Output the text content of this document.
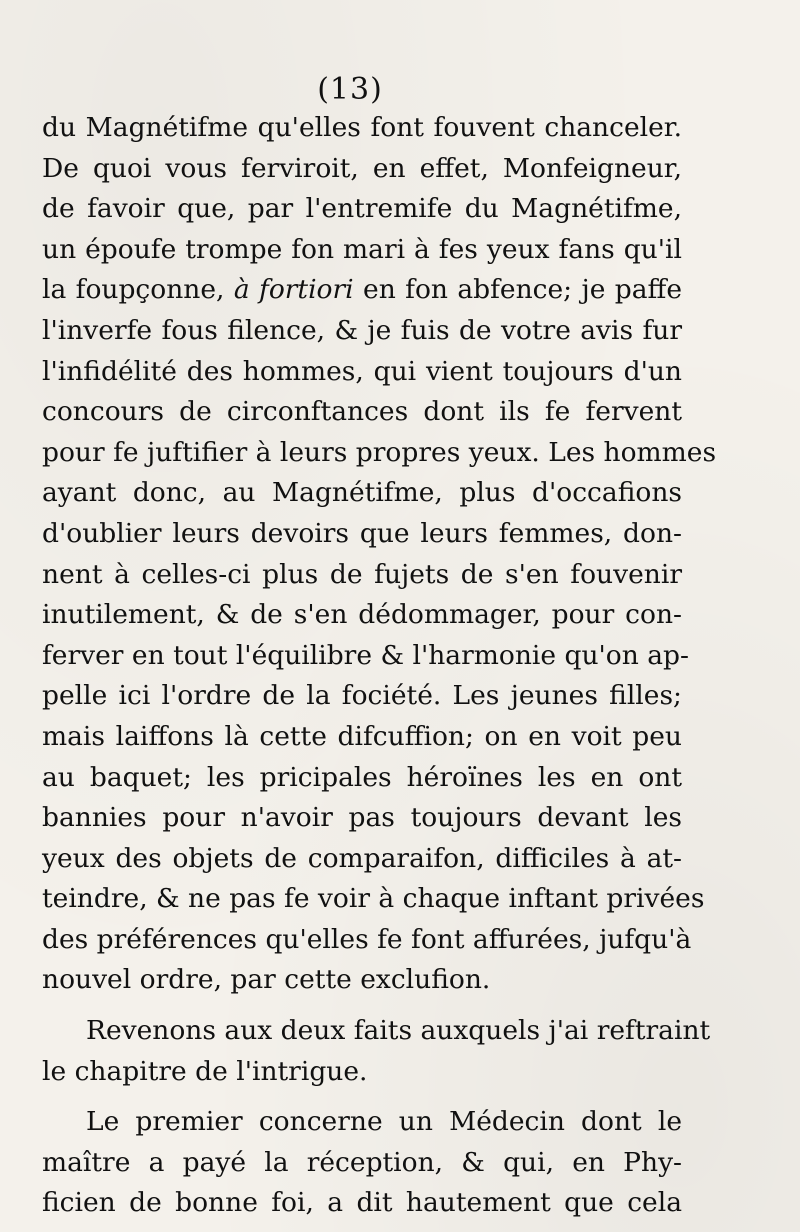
(13)
du Magnétifme qu'elles font fouvent chanceler.
De quoi vous ferviroit, en effet, Monfeigneur,
de favoir que, par l'entremife du Magnétifme,
un époufe trompe fon mari à fes yeux fans qu'il
la foupçonne, à fortiori en fon abfence; je paffe
l'inverfe fous filence, & je fuis de votre avis fur
l'infidélité des hommes, qui vient toujours d'un
concours de circonftances dont ils fe fervent
pour fe juftifier à leurs propres yeux. Les hommes
ayant donc, au Magnétifme, plus d'occafions
d'oublier leurs devoirs que leurs femmes, don-
nent à celles-ci plus de fujets de s'en fouvenir
inutilement, & de s'en dédommager, pour con-
ferver en tout l'équilibre & l'harmonie qu'on ap-
pelle ici l'ordre de la fociété. Les jeunes filles;
mais laiffons là cette difcuffion; on en voit peu
au baquet; les pricipales héroïnes les en ont
bannies pour n'avoir pas toujours devant les
yeux des objets de comparaifon, difficiles à at-
teindre, & ne pas fe voir à chaque inftant privées
des préférences qu'elles fe font affurées, jufqu'à
nouvel ordre, par cette exclufion.
Revenons aux deux faits auxquels j'ai reftraint
le chapitre de l'intrigue.
Le premier concerne un Médecin dont le
maître a payé la réception, & qui, en Phy-
ficien de bonne foi, a dit hautement que cela
